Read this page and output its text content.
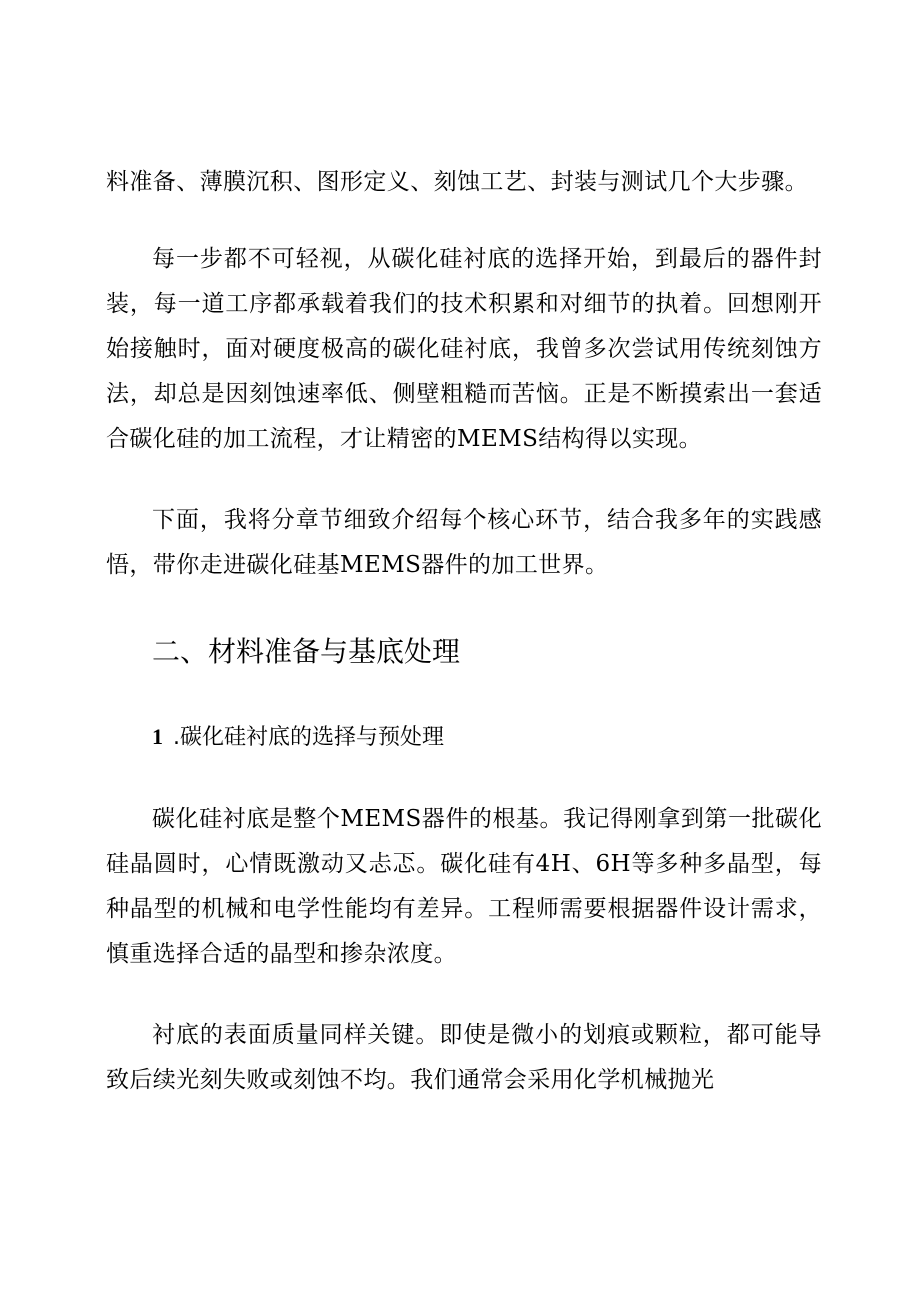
料准备、薄膜沉积、图形定义、刻蚀工艺、封装与测试几个大步骤。

每一步都不可轻视，从碳化硅衬底的选择开始，到最后的器件封装，每一道工序都承载着我们的技术积累和对细节的执着。回想刚开始接触时，面对硬度极高的碳化硅衬底，我曾多次尝试用传统刻蚀方法，却总是因刻蚀速率低、侧壁粗糙而苦恼。正是不断摸索出一套适合碳化硅的加工流程，才让精密的MEMS结构得以实现。

下面，我将分章节细致介绍每个核心环节，结合我多年的实践感悟，带你走进碳化硅基MEMS器件的加工世界。

二、材料准备与基底处理
1 .碳化硅衬底的选择与预处理

碳化硅衬底是整个MEMS器件的根基。我记得刚拿到第一批碳化硅晶圆时，心情既激动又忐忑。碳化硅有4H、6H等多种多晶型，每种晶型的机械和电学性能均有差异。工程师需要根据器件设计需求，慎重选择合适的晶型和掺杂浓度。

衬底的表面质量同样关键。即使是微小的划痕或颗粒，都可能导致后续光刻失败或刻蚀不均。我们通常会采用化学机械抛光
